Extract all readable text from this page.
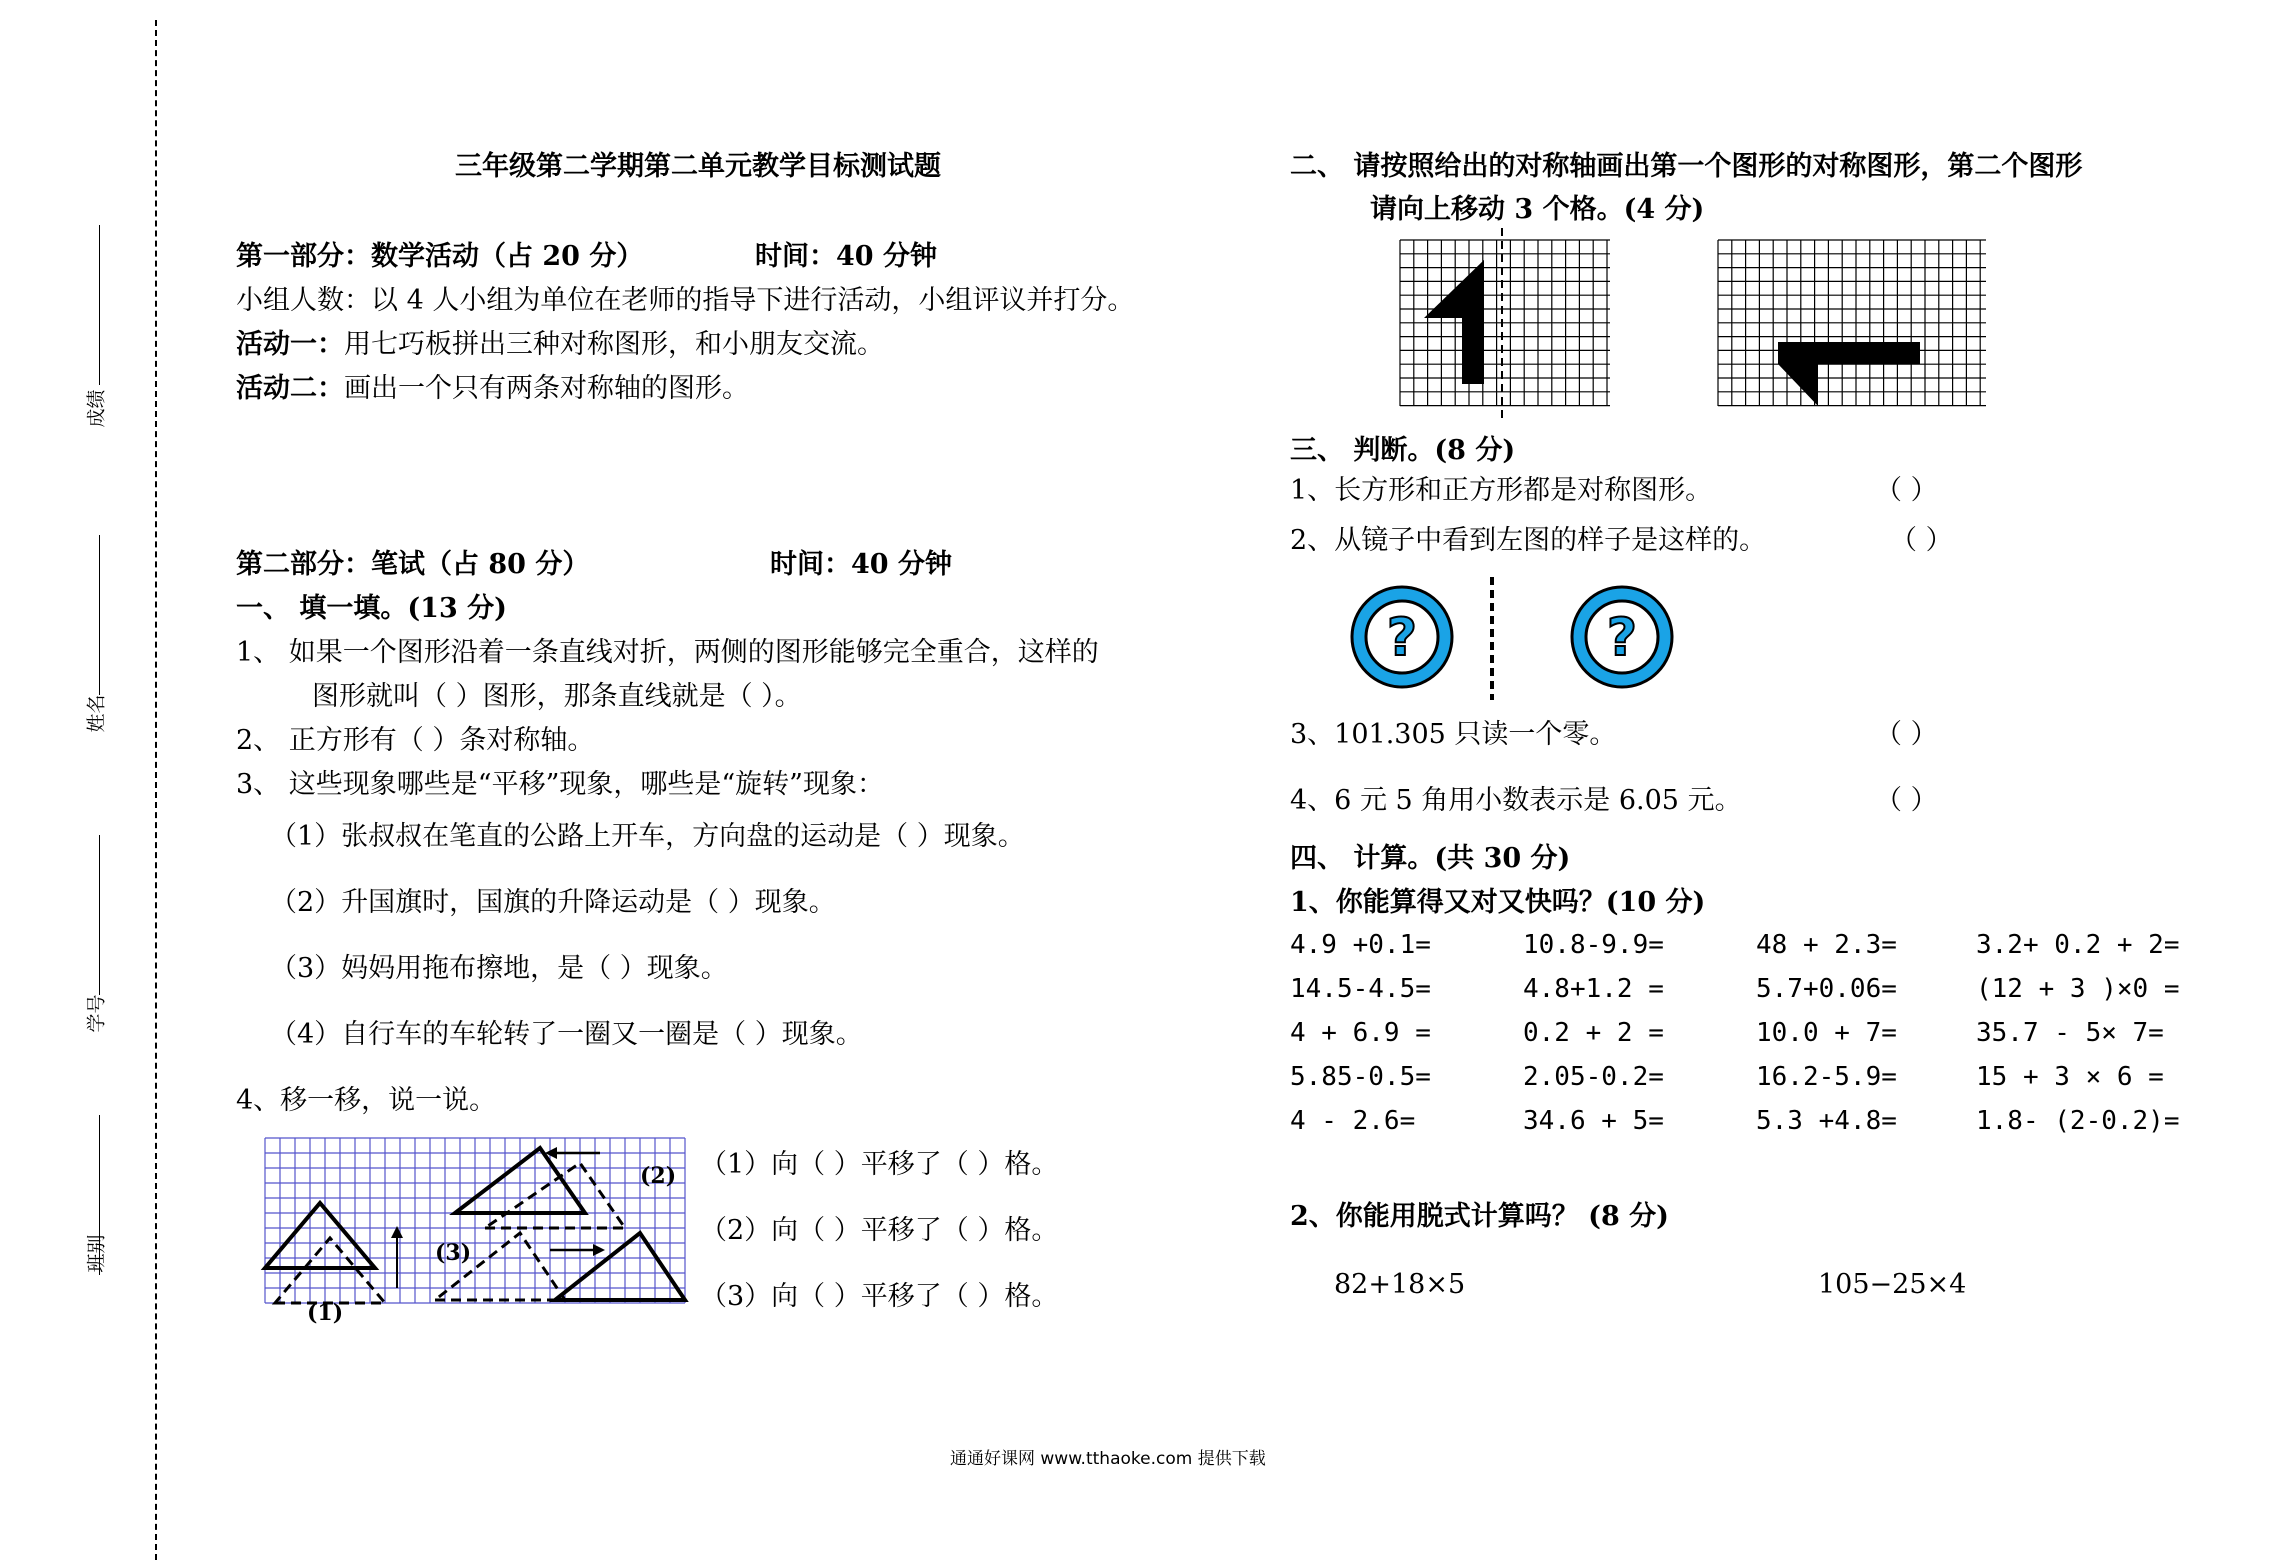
成绩
姓名
学号
班别
三年级第二学期第二单元教学目标测试题
第一部分：数学活动（占 20 分）	时间：40 分钟
小组人数：以 4 人小组为单位在老师的指导下进行活动，小组评议并打分。
活动一：用七巧板拼出三种对称图形，和小朋友交流。
活动二：画出一个只有两条对称轴的图形。
第二部分：笔试（占 80 分）	时间：40 分钟
一、 填一填。(13 分)
1、 如果一个图形沿着一条直线对折，两侧的图形能够完全重合，这样的
图形就叫（ ）图形，那条直线就是（ ）。
2、 正方形有（ ）条对称轴。
3、 这些现象哪些是“平移”现象，哪些是“旋转”现象：
（1）张叔叔在笔直的公路上开车，方向盘的运动是（ ）现象。
（2）升国旗时，国旗的升降运动是（ ）现象。
（3）妈妈用拖布擦地，是（ ）现象。
（4）自行车的车轮转了一圈又一圈是（ ）现象。
4、移一移，说一说。
(1)
(2)
(3)
（1）向（ ）平移了（ ）格。
（2）向（ ）平移了（ ）格。
（3）向（ ）平移了（ ）格。
二、 请按照给出的对称轴画出第一个图形的对称图形，第二个图形
请向上移动 3 个格。(4 分)
三、 判断。(8 分)
1、长方形和正方形都是对称图形。	（ ）
2、从镜子中看到左图的样子是这样的。	（ ）
?	?
3、101.305 只读一个零。	（ ）
4、6 元 5 角用小数表示是 6.05 元。	（ ）
四、 计算。(共 30 分)
1、你能算得又对又快吗？(10 分)
4.9 +0.1=	10.8-9.9=	48 + 2.3=	3.2+ 0.2 + 2=
14.5-4.5=	4.8+1.2 =	5.7+0.06=	(12 + 3 )×0 =
4 + 6.9 =	0.2 + 2 =	10.0 + 7=	35.7 - 5× 7=
5.85-0.5=	2.05-0.2=	16.2-5.9=	15 + 3 × 6 =
4 - 2.6=	34.6 + 5=	5.3 +4.8=	1.8- (2-0.2)=
2、你能用脱式计算吗？ (8 分)
82+18×5	105−25×4
通通好课网 www.tthaoke.com 提供下载
